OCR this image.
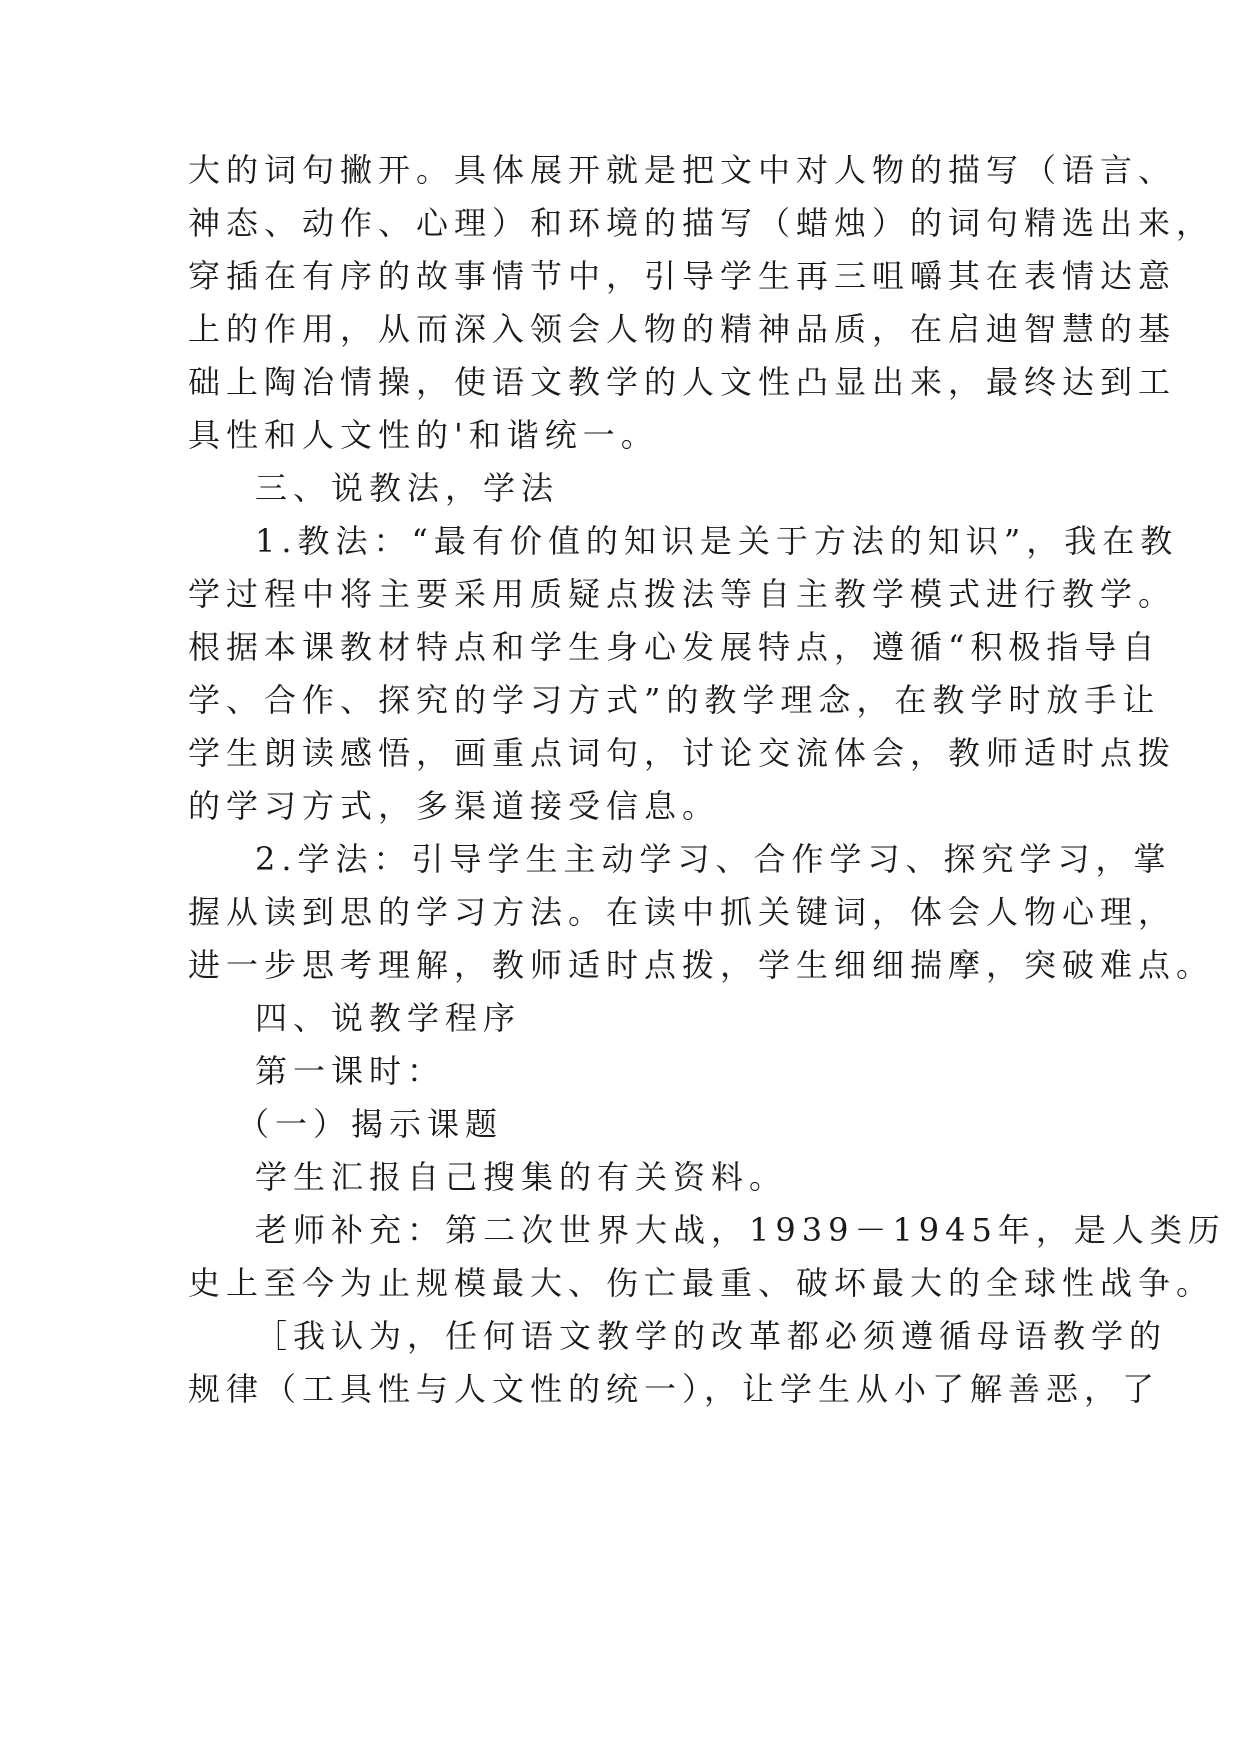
大的词句撇开。具体展开就是把文中对人物的描写（语言、
神态、动作、心理）和环境的描写（蜡烛）的词句精选出来，
穿插在有序的故事情节中，引导学生再三咀嚼其在表情达意
上的作用，从而深入领会人物的精神品质，在启迪智慧的基
础上陶冶情操，使语文教学的人文性凸显出来，最终达到工
具性和人文性的'和谐统一。
三、说教法，学法
1.教法：“最有价值的知识是关于方法的知识”，我在教
学过程中将主要采用质疑点拨法等自主教学模式进行教学。
根据本课教材特点和学生身心发展特点，遵循“积极指导自
学、合作、探究的学习方式”的教学理念，在教学时放手让
学生朗读感悟，画重点词句，讨论交流体会，教师适时点拨
的学习方式，多渠道接受信息。
2.学法：引导学生主动学习、合作学习、探究学习，掌
握从读到思的学习方法。在读中抓关键词，体会人物心理，
进一步思考理解，教师适时点拨，学生细细揣摩，突破难点。
四、说教学程序
第一课时：
（一）揭示课题
学生汇报自己搜集的有关资料。
老师补充：第二次世界大战，1939－1945年，是人类历
史上至今为止规模最大、伤亡最重、破坏最大的全球性战争。
［我认为，任何语文教学的改革都必须遵循母语教学的
规律（工具性与人文性的统一），让学生从小了解善恶，了
